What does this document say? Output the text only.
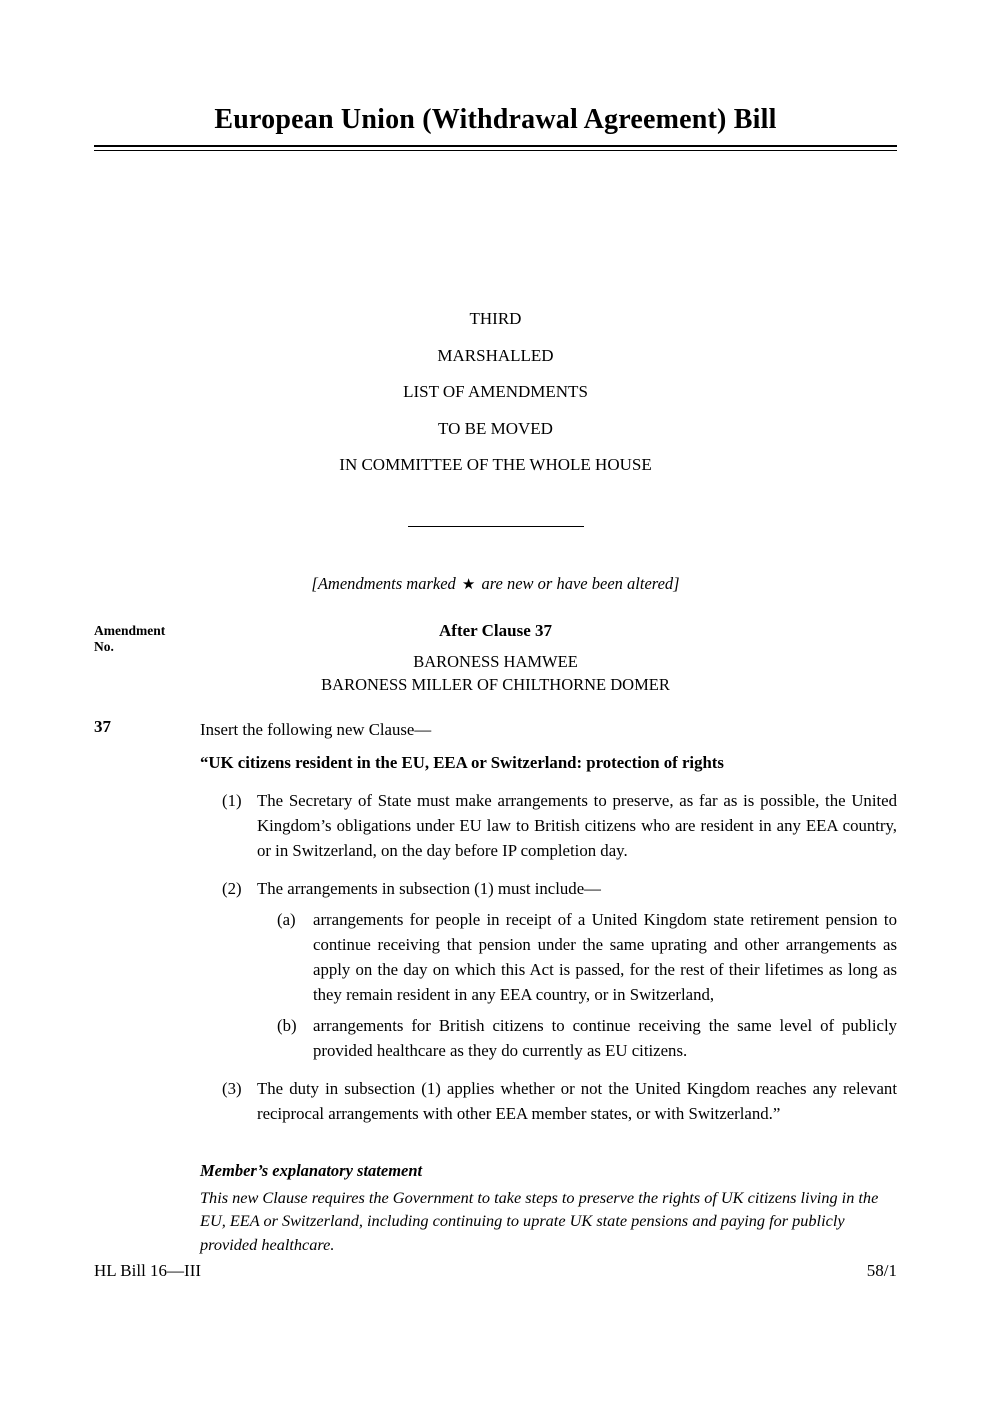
European Union (Withdrawal Agreement) Bill
THIRD
MARSHALLED
LIST OF AMENDMENTS
TO BE MOVED
IN COMMITTEE OF THE WHOLE HOUSE
[Amendments marked ★ are new or have been altered]
Amendment
No.
After Clause 37
BARONESS HAMWEE
BARONESS MILLER OF CHILTHORNE DOMER
37	Insert the following new Clause—
“UK citizens resident in the EU, EEA or Switzerland: protection of rights
(1) The Secretary of State must make arrangements to preserve, as far as is possible, the United Kingdom’s obligations under EU law to British citizens who are resident in any EEA country, or in Switzerland, on the day before IP completion day.
(2) The arrangements in subsection (1) must include—
(a)	arrangements for people in receipt of a United Kingdom state retirement pension to continue receiving that pension under the same uprating and other arrangements as apply on the day on which this Act is passed, for the rest of their lifetimes as long as they remain resident in any EEA country, or in Switzerland,
(b) arrangements for British citizens to continue receiving the same level of publicly provided healthcare as they do currently as EU citizens.
(3) The duty in subsection (1) applies whether or not the United Kingdom reaches any relevant reciprocal arrangements with other EEA member states, or with Switzerland.”
Member’s explanatory statement
This new Clause requires the Government to take steps to preserve the rights of UK citizens living in the EU, EEA or Switzerland, including continuing to uprate UK state pensions and paying for publicly provided healthcare.
HL Bill 16—III	58/1
